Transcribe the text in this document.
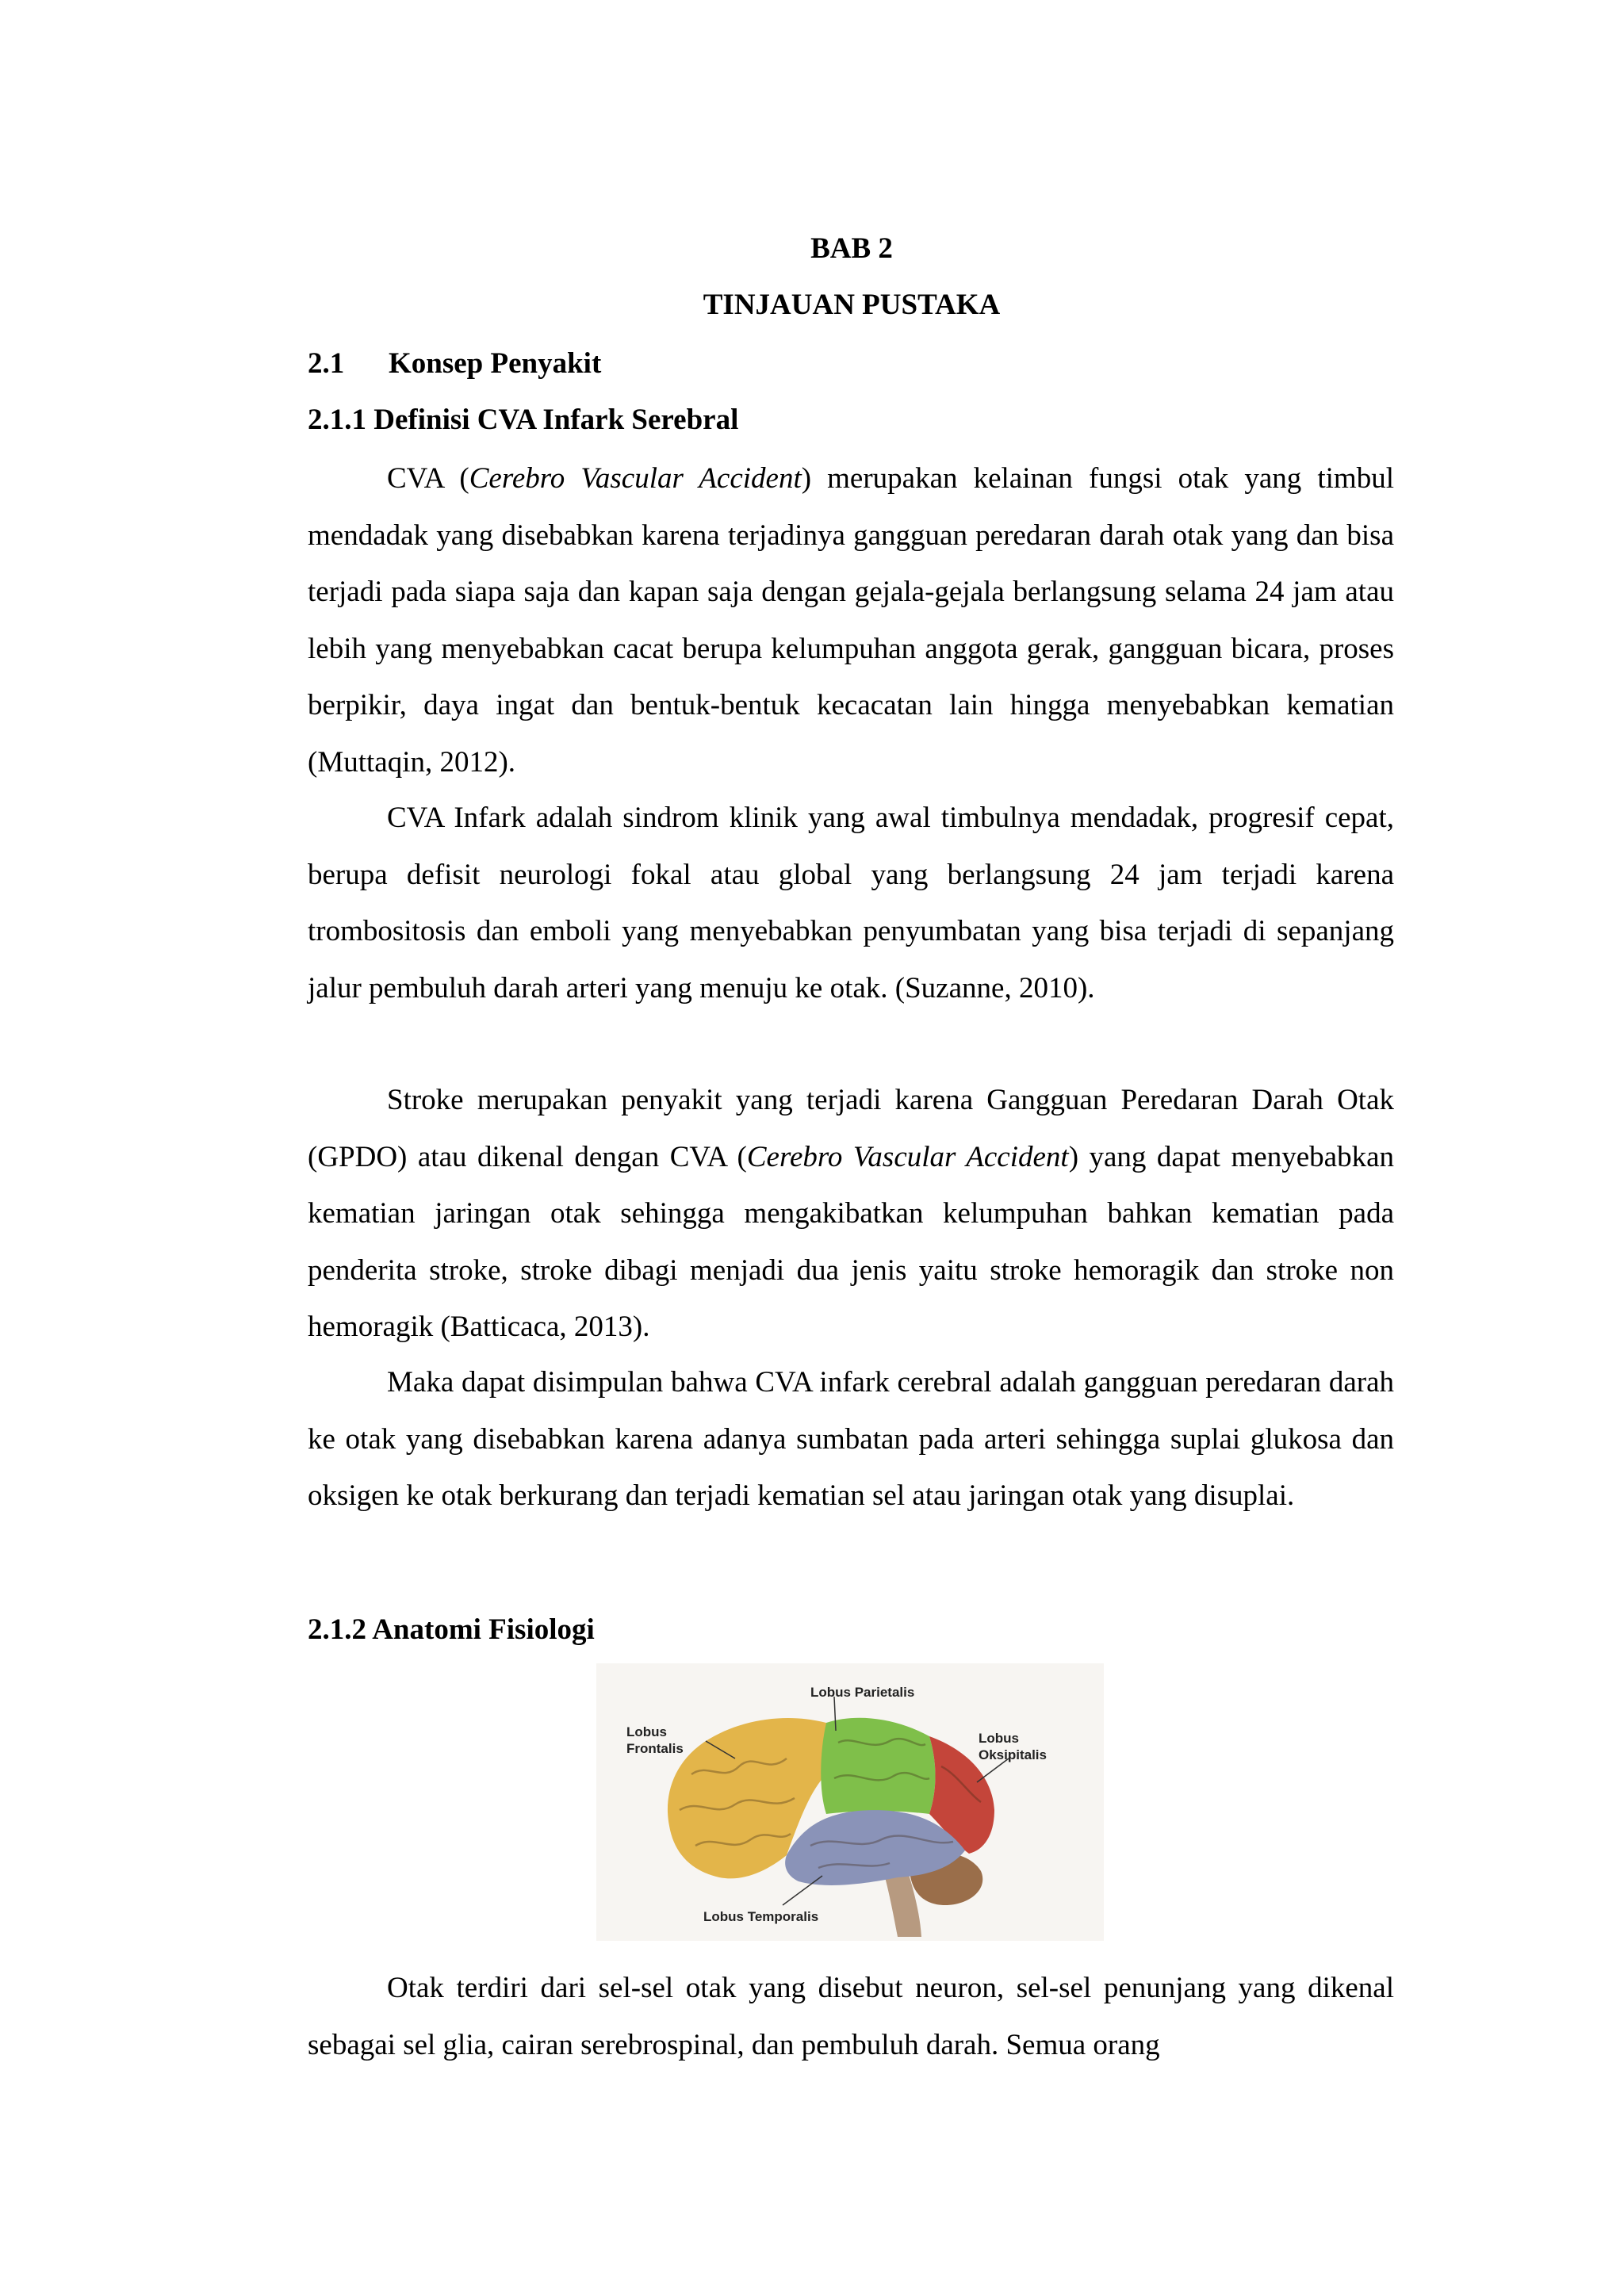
BAB 2
TINJAUAN PUSTAKA
2.1 Konsep Penyakit
2.1.1 Definisi CVA Infark Serebral

CVA (Cerebro Vascular Accident) merupakan kelainan fungsi otak yang timbul mendadak yang disebabkan karena terjadinya gangguan peredaran darah otak yang dan bisa terjadi pada siapa saja dan kapan saja dengan gejala-gejala berlangsung selama 24 jam atau lebih yang menyebabkan cacat berupa kelumpuhan anggota gerak, gangguan bicara, proses berpikir, daya ingat dan bentuk-bentuk kecacatan lain hingga menyebabkan kematian (Muttaqin, 2012).

CVA Infark adalah sindrom klinik yang awal timbulnya mendadak, progresif cepat, berupa defisit neurologi fokal atau global yang berlangsung 24 jam terjadi karena trombositosis dan emboli yang menyebabkan penyumbatan yang bisa terjadi di sepanjang jalur pembuluh darah arteri yang menuju ke otak. (Suzanne, 2010).

Stroke merupakan penyakit yang terjadi karena Gangguan Peredaran Darah Otak (GPDO) atau dikenal dengan CVA (Cerebro Vascular Accident) yang dapat menyebabkan kematian jaringan otak sehingga mengakibatkan kelumpuhan bahkan kematian pada penderita stroke, stroke dibagi menjadi dua jenis yaitu stroke hemoragik dan stroke non hemoragik (Batticaca, 2013).

Maka dapat disimpulan bahwa CVA infark cerebral adalah gangguan peredaran darah ke otak yang disebabkan karena adanya sumbatan pada arteri sehingga suplai glukosa dan oksigen ke otak berkurang dan terjadi kematian sel atau jaringan otak yang disuplai.

2.1.2 Anatomi Fisiologi
Lobus Parietalis
Lobus
Frontalis
Lobus
Oksipitalis
Lobus Temporalis

Otak terdiri dari sel-sel otak yang disebut neuron, sel-sel penunjang yang dikenal sebagai sel glia, cairan serebrospinal, dan pembuluh darah. Semua orang
